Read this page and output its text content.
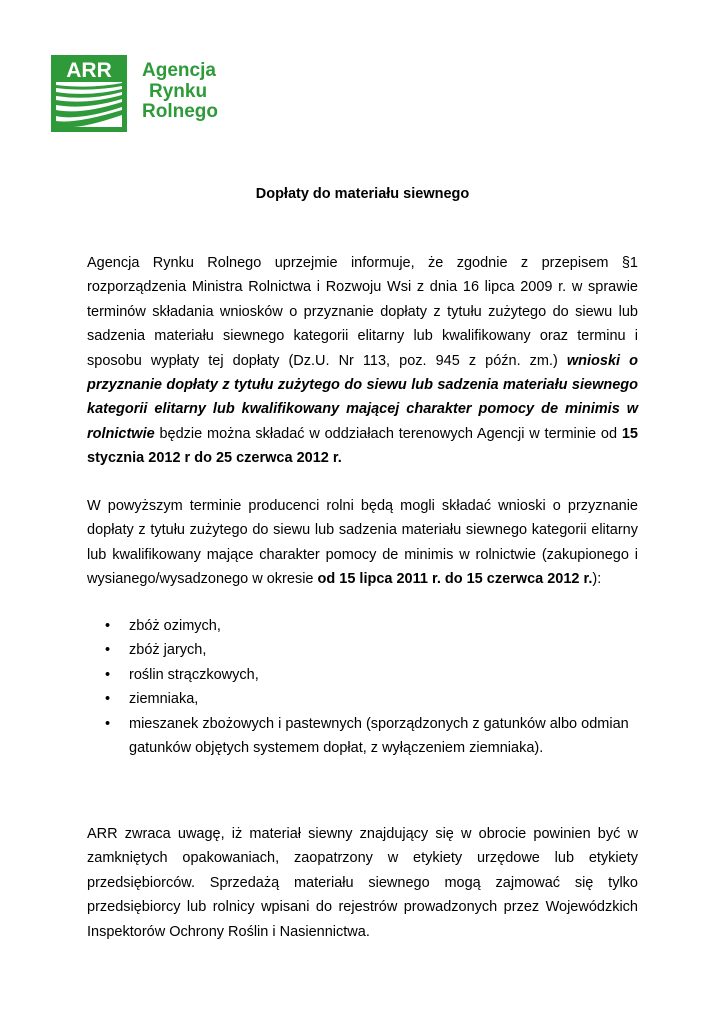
ARR Agencja
Rynku
Rolnego
Dopłaty do materiału siewnego

Agencja Rynku Rolnego uprzejmie informuje, że zgodnie z przepisem §1 rozporządzenia Ministra Rolnictwa i Rozwoju Wsi z dnia 16 lipca 2009 r. w sprawie terminów składania wniosków o przyznanie dopłaty z tytułu zużytego do siewu lub sadzenia materiału siewnego kategorii elitarny lub kwalifikowany oraz terminu i sposobu wypłaty tej dopłaty (Dz.U. Nr 113, poz. 945 z późn. zm.) wnioski o przyznanie dopłaty z tytułu zużytego do siewu lub sadzenia materiału siewnego kategorii elitarny lub kwalifikowany mającej charakter pomocy de minimis w rolnictwie będzie można składać w oddziałach terenowych Agencji w terminie od 15 stycznia 2012 r do 25 czerwca 2012 r.

W powyższym terminie producenci rolni będą mogli składać wnioski o przyznanie dopłaty z tytułu zużytego do siewu lub sadzenia materiału siewnego kategorii elitarny lub kwalifikowany mające charakter pomocy de minimis w rolnictwie (zakupionego i wysianego/wysadzonego w okresie od 15 lipca 2011 r. do 15 czerwca 2012 r.):

• zbóż ozimych,
• zbóż jarych,
• roślin strączkowych,
• ziemniaka,
• mieszanek zbożowych i pastewnych (sporządzonych z gatunków albo odmian gatunków objętych systemem dopłat, z wyłączeniem ziemniaka).

ARR zwraca uwagę, iż materiał siewny znajdujący się w obrocie powinien być w zamkniętych opakowaniach, zaopatrzony w etykiety urzędowe lub etykiety przedsiębiorców. Sprzedażą materiału siewnego mogą zajmować się tylko przedsiębiorcy lub rolnicy wpisani do rejestrów prowadzonych przez Wojewódzkich Inspektorów Ochrony Roślin i Nasiennictwa.
